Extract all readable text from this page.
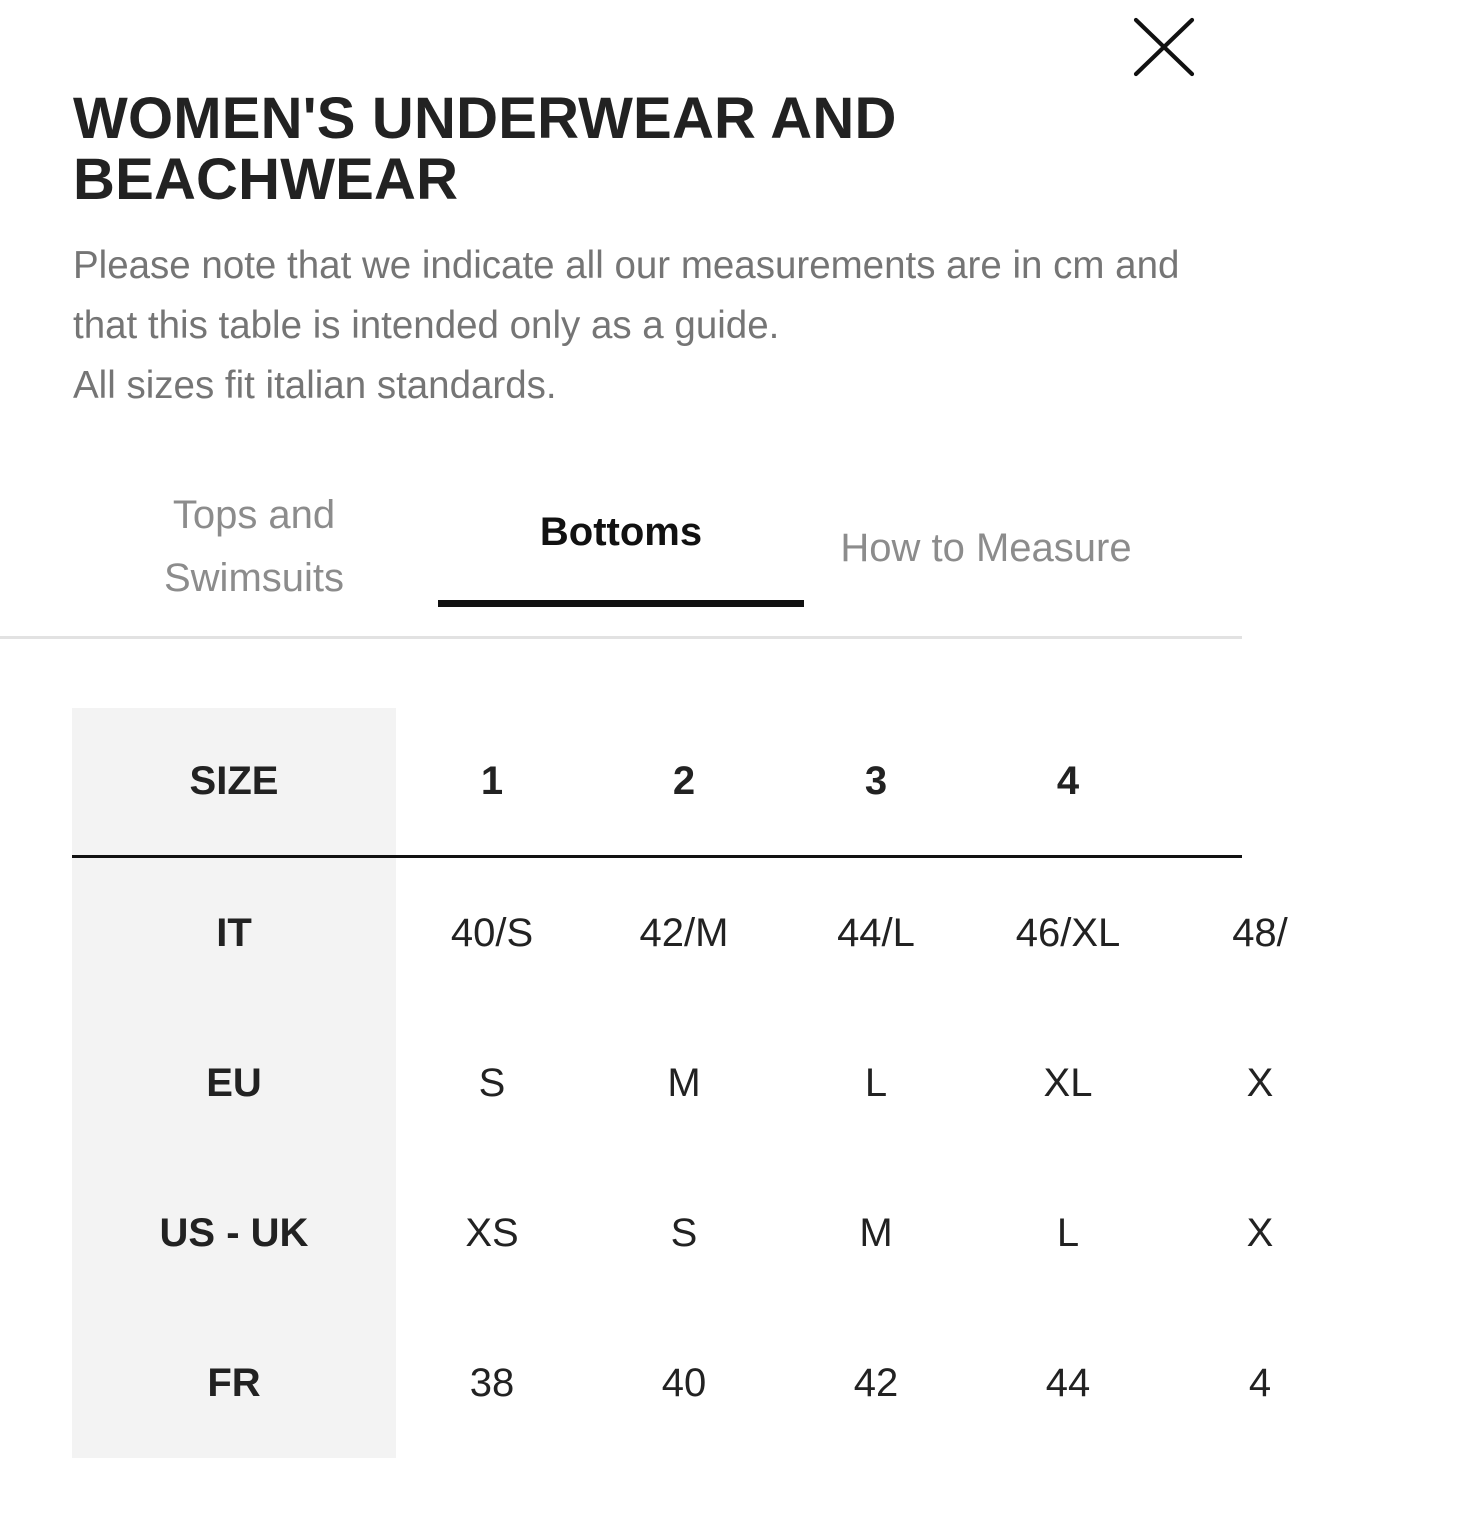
WOMEN'S UNDERWEAR AND BEACHWEAR

Please note that we indicate all our measurements are in cm and that this table is intended only as a guide.

All sizes fit italian standards.

Tops and Swimsuits
Bottoms	How to Measure
SIZE	1	2	3	4
IT	40/S	42/M	44/L	46/XL	48/
EU	S	M	L	XL	X
US - UK	XS	S	M	L	X
FR	38	40	42	44	4
